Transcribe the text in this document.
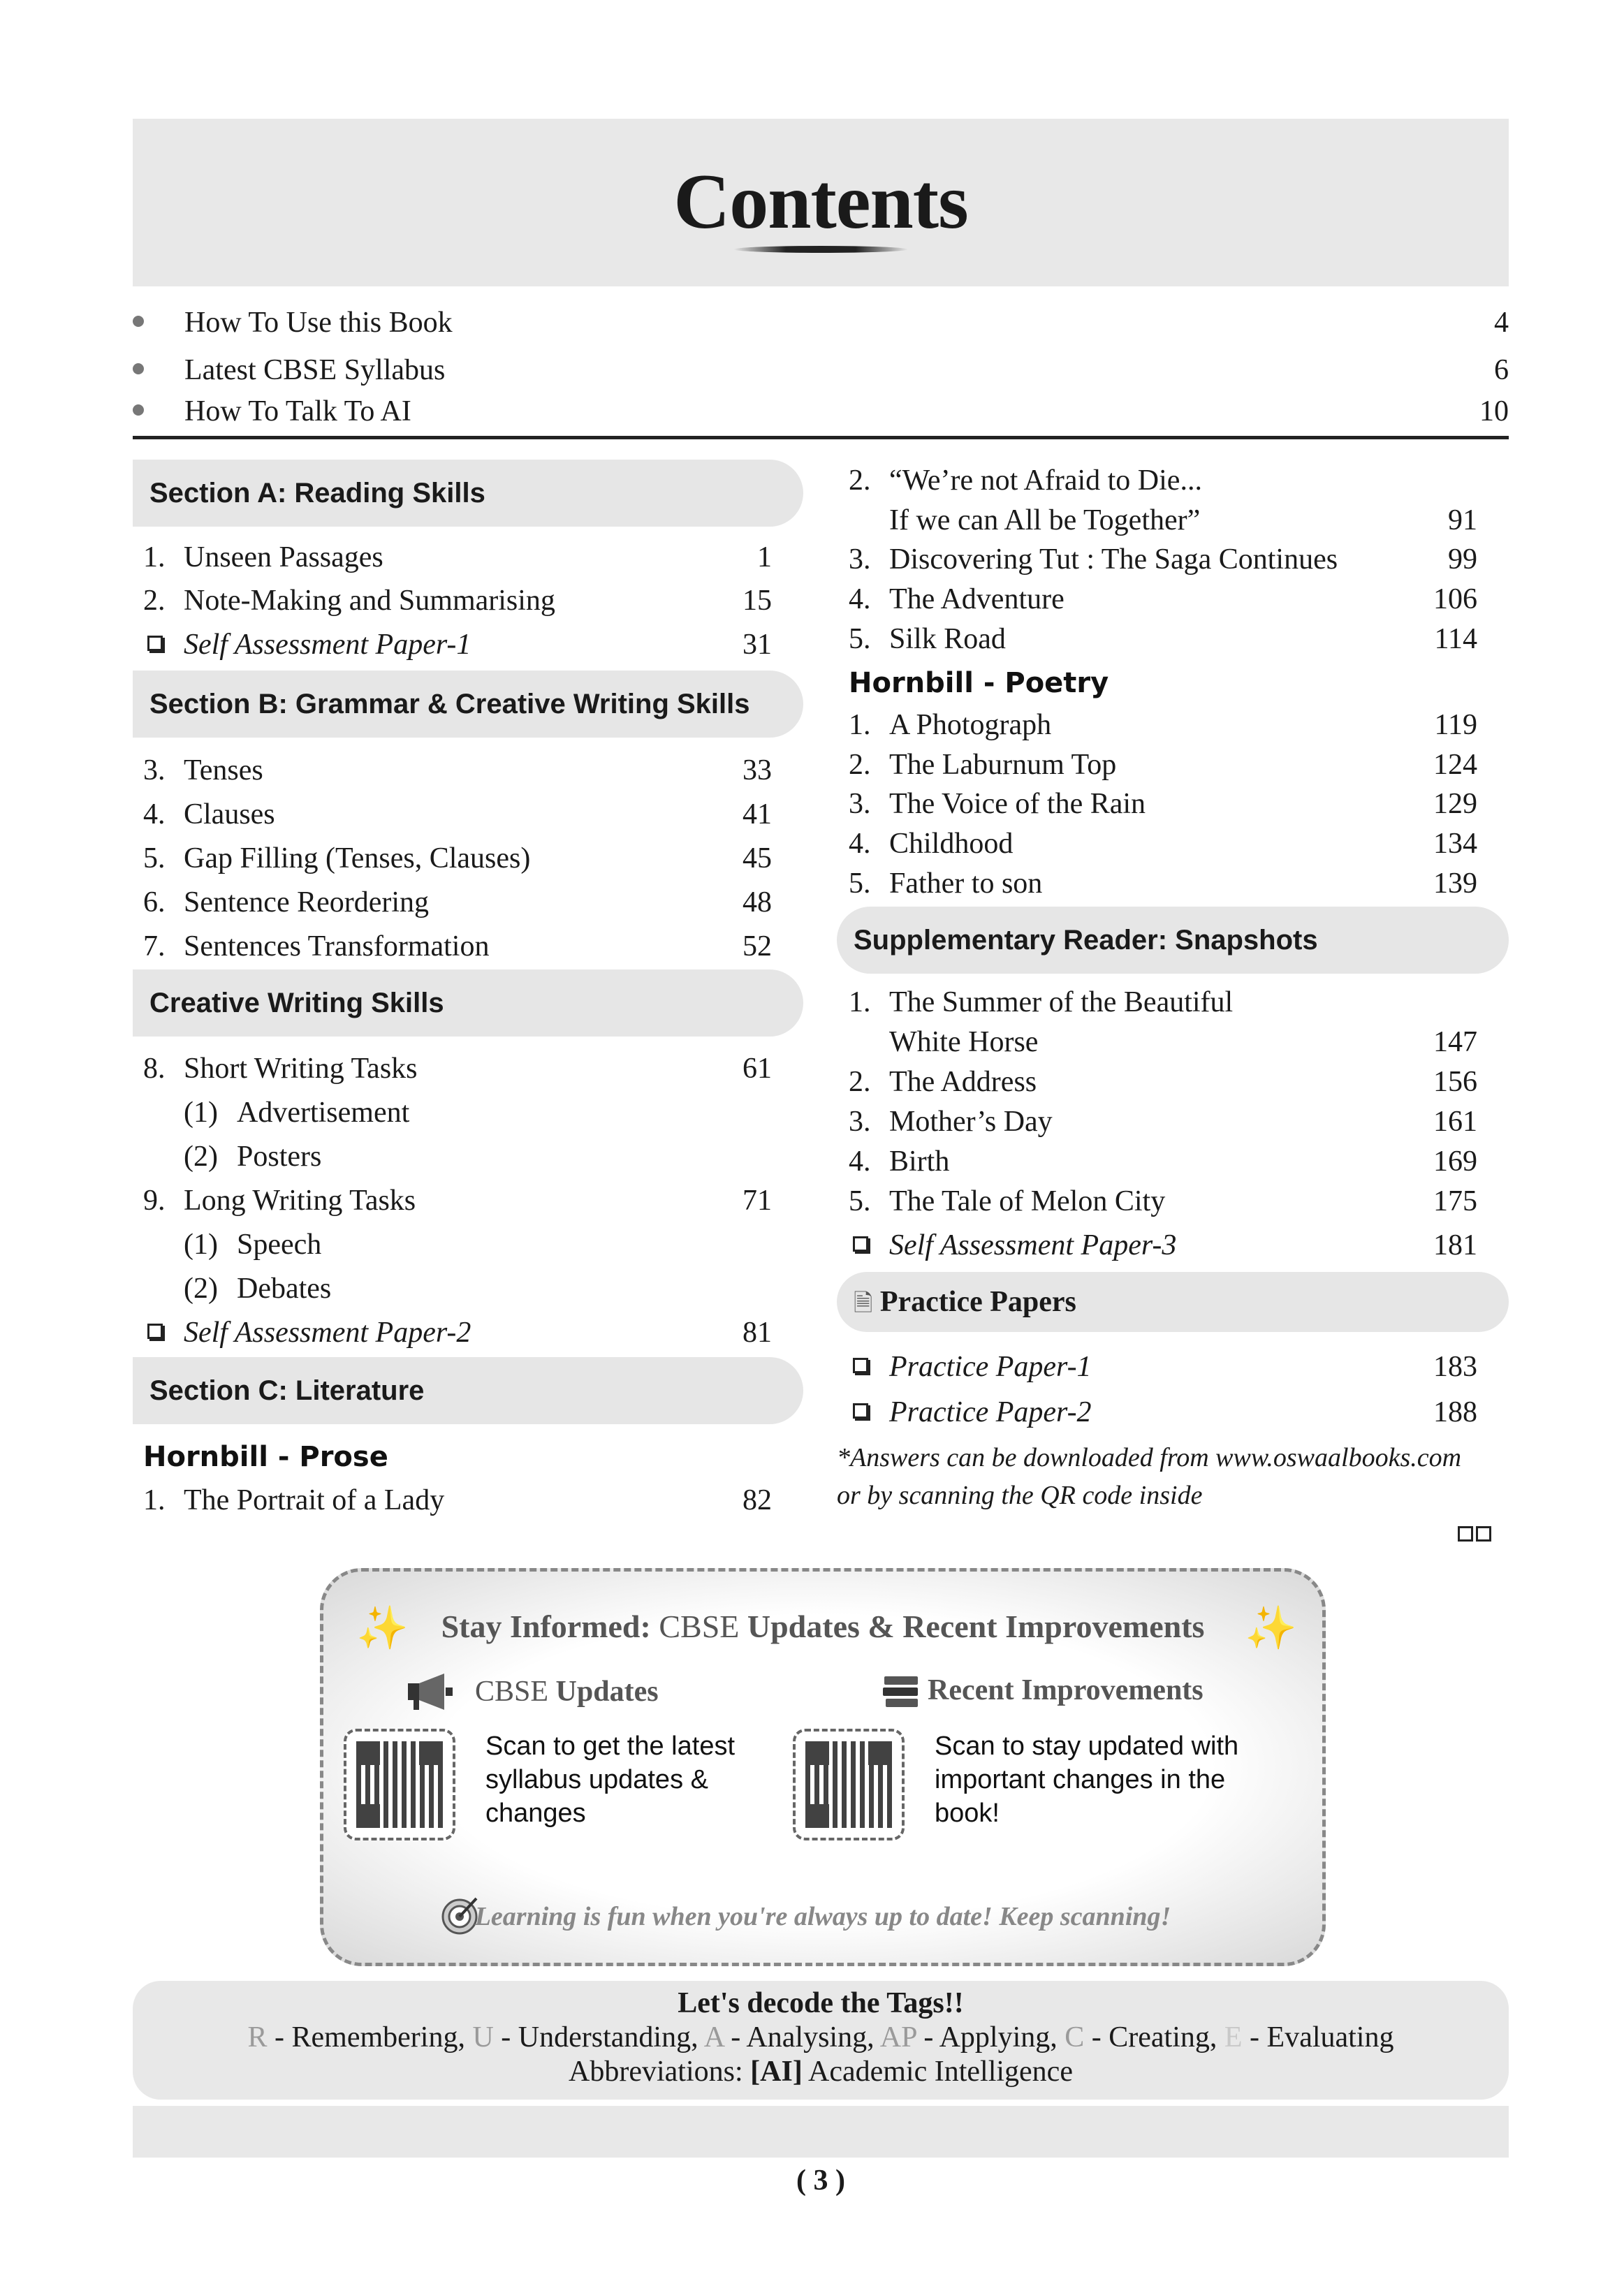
Contents
How To Use this Book	4
Latest CBSE Syllabus	6
How To Talk To AI	10
Section A: Reading Skills
1. Unseen Passages	1
2. Note-Making and Summarising	15
Self Assessment Paper-1	31
Section B: Grammar & Creative Writing Skills
3. Tenses	33
4. Clauses	41
5. Gap Filling (Tenses, Clauses)	45
6. Sentence Reordering	48
7. Sentences Transformation	52
Creative Writing Skills
8. Short Writing Tasks	61
(1) Advertisement
(2) Posters
9. Long Writing Tasks	71
(1) Speech
(2) Debates
Self Assessment Paper-2	81
Section C: Literature
Hornbill - Prose
1. The Portrait of a Lady	82
2. “We’re not Afraid to Die...
If we can All be Together”	91
3. Discovering Tut : The Saga Continues	99
4. The Adventure	106
5. Silk Road	114
Hornbill - Poetry
1. A Photograph	119
2. The Laburnum Top	124
3. The Voice of the Rain	129
4. Childhood	134
5. Father to son	139
Supplementary Reader: Snapshots
1. The Summer of the Beautiful
White Horse	147
2. The Address	156
3. Mother’s Day	161
4. Birth	169
5. The Tale of Melon City	175
Self Assessment Paper-3	181
🗎 Practice Papers
Practice Paper-1	183
Practice Paper-2	188
*Answers can be downloaded from www.oswaalbooks.com
or by scanning the QR code inside
✨	✨
Stay Informed: CBSE Updates & Recent Improvements
CBSE Updates
Scan to get the latest
syllabus updates &
changes
Recent Improvements
Scan to stay updated with
important changes in the
book!
Learning is fun when you're always up to date! Keep scanning!
Let's decode the Tags!!
R - Remembering, U - Understanding, A - Analysing, AP - Applying, C - Creating, E - Evaluating
Abbreviations: [AI] Academic Intelligence
( 3 )
